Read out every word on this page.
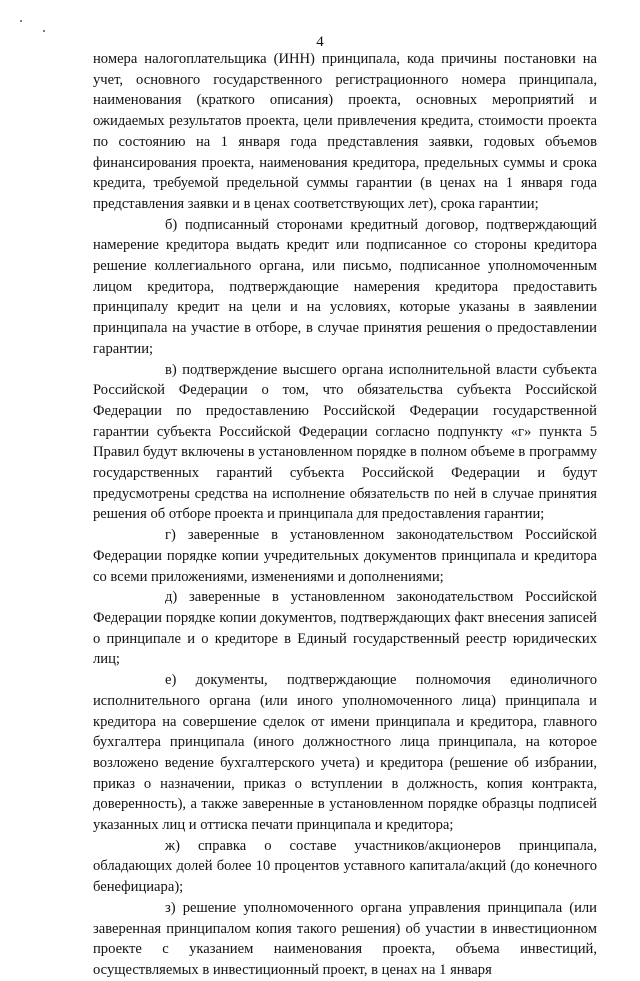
4

номера налогоплательщика (ИНН) принципала, кода причины постановки на учет, основного государственного регистрационного номера принципала, наименования (краткого описания) проекта, основных мероприятий и ожидаемых результатов проекта, цели привлечения кредита, стоимости проекта по состоянию на 1 января года представления заявки, годовых объемов финансирования проекта, наименования кредитора, предельных суммы и срока кредита, требуемой предельной суммы гарантии (в ценах на 1 января года представления заявки и в ценах соответствующих лет), срока гарантии;

б) подписанный сторонами кредитный договор, подтверждающий намерение кредитора выдать кредит или подписанное со стороны кредитора решение коллегиального органа, или письмо, подписанное уполномоченным лицом кредитора, подтверждающие намерения кредитора предоставить принципалу кредит на цели и на условиях, которые указаны в заявлении принципала на участие в отборе, в случае принятия решения о предоставлении гарантии;

в) подтверждение высшего органа исполнительной власти субъекта Российской Федерации о том, что обязательства субъекта Российской Федерации по предоставлению Российской Федерации государственной гарантии субъекта Российской Федерации согласно подпункту «г» пункта 5 Правил будут включены в установленном порядке в полном объеме в программу государственных гарантий субъекта Российской Федерации и будут предусмотрены средства на исполнение обязательств по ней в случае принятия решения об отборе проекта и принципала для предоставления гарантии;

г) заверенные в установленном законодательством Российской Федерации порядке копии учредительных документов принципала и кредитора со всеми приложениями, изменениями и дополнениями;

д) заверенные в установленном законодательством Российской Федерации порядке копии документов, подтверждающих факт внесения записей о принципале и о кредиторе в Единый государственный реестр юридических лиц;

е) документы, подтверждающие полномочия единоличного исполнительного органа (или иного уполномоченного лица) принципала и кредитора на совершение сделок от имени принципала и кредитора, главного бухгалтера принципала (иного должностного лица принципала, на которое возложено ведение бухгалтерского учета) и кредитора (решение об избрании, приказ о назначении, приказ о вступлении в должность, копия контракта, доверенность), а также заверенные в установленном порядке образцы подписей указанных лиц и оттиска печати принципала и кредитора;

ж) справка о составе участников/акционеров принципала, обладающих долей более 10 процентов уставного капитала/акций (до конечного бенефициара);

з) решение уполномоченного органа управления принципала (или заверенная принципалом копия такого решения) об участии в инвестиционном проекте с указанием наименования проекта, объема инвестиций, осуществляемых в инвестиционный проект, в ценах на 1 января
